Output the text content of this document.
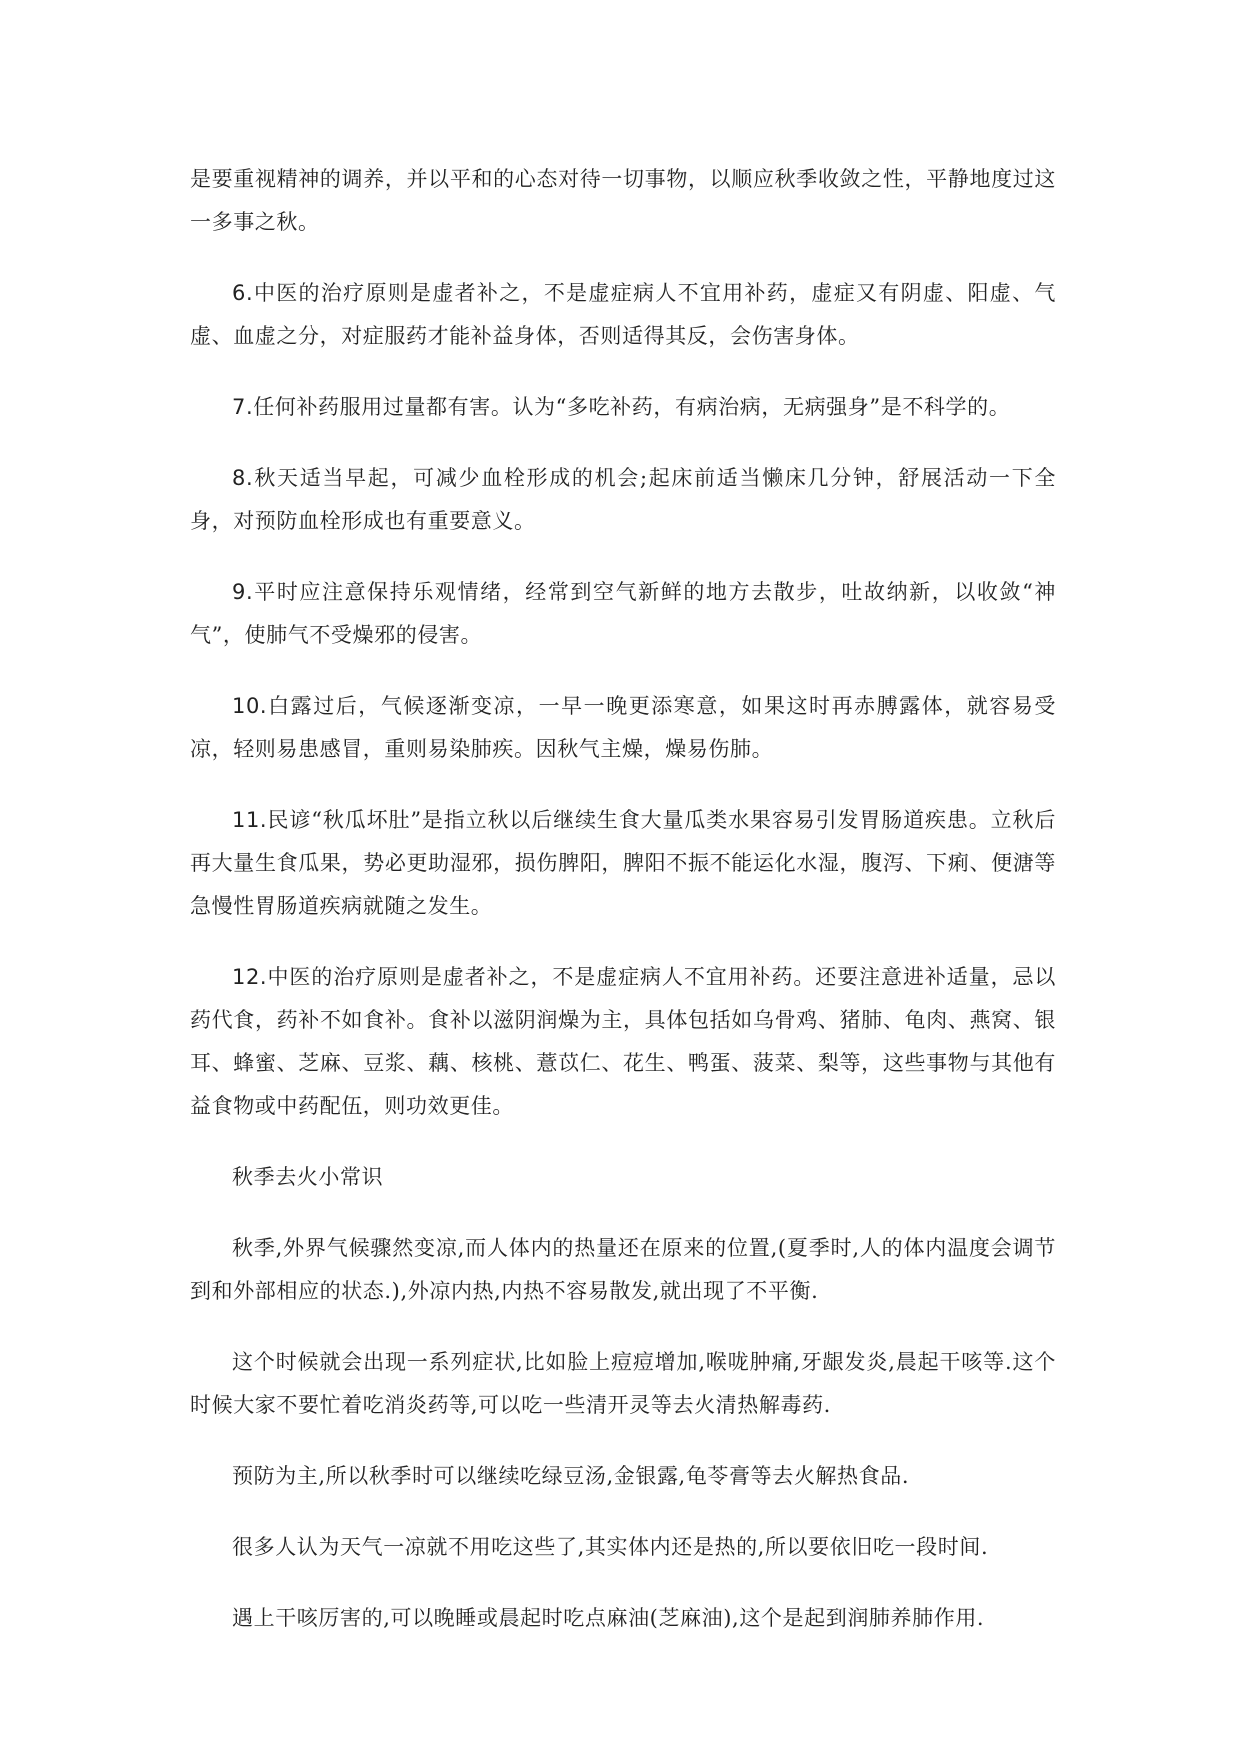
是要重视精神的调养，并以平和的心态对待一切事物，以顺应秋季收敛之性，平静地度过这一多事之秋。

6.中医的治疗原则是虚者补之，不是虚症病人不宜用补药，虚症又有阴虚、阳虚、气虚、血虚之分，对症服药才能补益身体，否则适得其反，会伤害身体。

7.任何补药服用过量都有害。认为“多吃补药，有病治病，无病强身”是不科学的。

8.秋天适当早起，可减少血栓形成的机会;起床前适当懒床几分钟，舒展活动一下全身，对预防血栓形成也有重要意义。

9.平时应注意保持乐观情绪，经常到空气新鲜的地方去散步，吐故纳新，以收敛“神气”，使肺气不受燥邪的侵害。

10.白露过后，气候逐渐变凉，一早一晚更添寒意，如果这时再赤膊露体，就容易受凉，轻则易患感冒，重则易染肺疾。因秋气主燥，燥易伤肺。

11.民谚“秋瓜坏肚”是指立秋以后继续生食大量瓜类水果容易引发胃肠道疾患。立秋后再大量生食瓜果，势必更助湿邪，损伤脾阳，脾阳不振不能运化水湿，腹泻、下痢、便溏等急慢性胃肠道疾病就随之发生。

12.中医的治疗原则是虚者补之，不是虚症病人不宜用补药。还要注意进补适量，忌以药代食，药补不如食补。食补以滋阴润燥为主，具体包括如乌骨鸡、猪肺、龟肉、燕窝、银耳、蜂蜜、芝麻、豆浆、藕、核桃、薏苡仁、花生、鸭蛋、菠菜、梨等，这些事物与其他有益食物或中药配伍，则功效更佳。

秋季去火小常识

秋季,外界气候骤然变凉,而人体内的热量还在原来的位置,(夏季时,人的体内温度会调节到和外部相应的状态.),外凉内热,内热不容易散发,就出现了不平衡.

这个时候就会出现一系列症状,比如脸上痘痘增加,喉咙肿痛,牙龈发炎,晨起干咳等.这个时候大家不要忙着吃消炎药等,可以吃一些清开灵等去火清热解毒药.

预防为主,所以秋季时可以继续吃绿豆汤,金银露,龟苓膏等去火解热食品.

很多人认为天气一凉就不用吃这些了,其实体内还是热的,所以要依旧吃一段时间.

遇上干咳厉害的,可以晚睡或晨起时吃点麻油(芝麻油),这个是起到润肺养肺作用.
